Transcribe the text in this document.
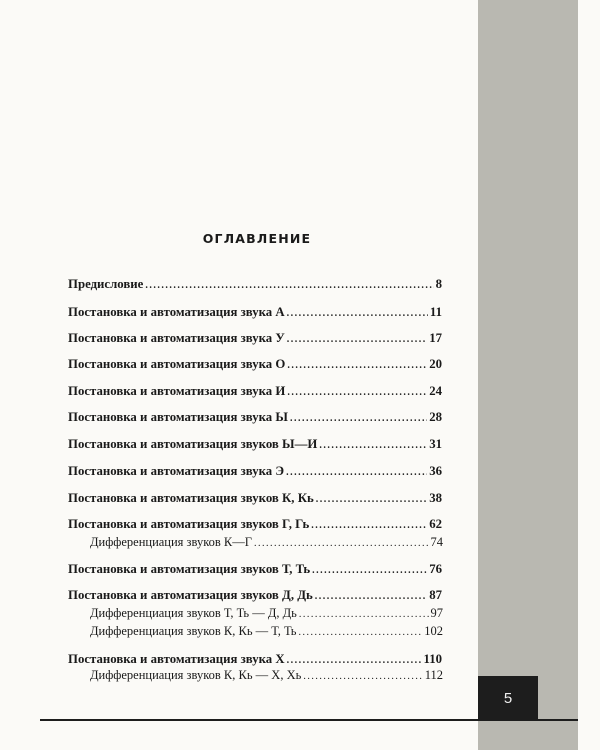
5
ОГЛАВЛЕНИЕ
Предисловие .....	8
Постановка и автоматизация звука А .....	11
Постановка и автоматизация звука У .....	17
Постановка и автоматизация звука О .....	20
Постановка и автоматизация звука И .....	24
Постановка и автоматизация звука Ы .....	28
Постановка и автоматизация звуков Ы—И .....	31
Постановка и автоматизация звука Э .....	36
Постановка и автоматизация звуков К, Кь .....	38
Постановка и автоматизация звуков Г, Гь .....	62
Дифференциация звуков К—Г .....	74
Постановка и автоматизация звуков Т, Ть .....	76
Постановка и автоматизация звуков Д, Дь .....	87
Дифференциация звуков Т, Ть — Д, Дь .....	97
Дифференциация звуков К, Кь — Т, Ть .....	102
Постановка и автоматизация звука Х .....	110
Дифференциация звуков К, Кь — Х, Хь .....	112
